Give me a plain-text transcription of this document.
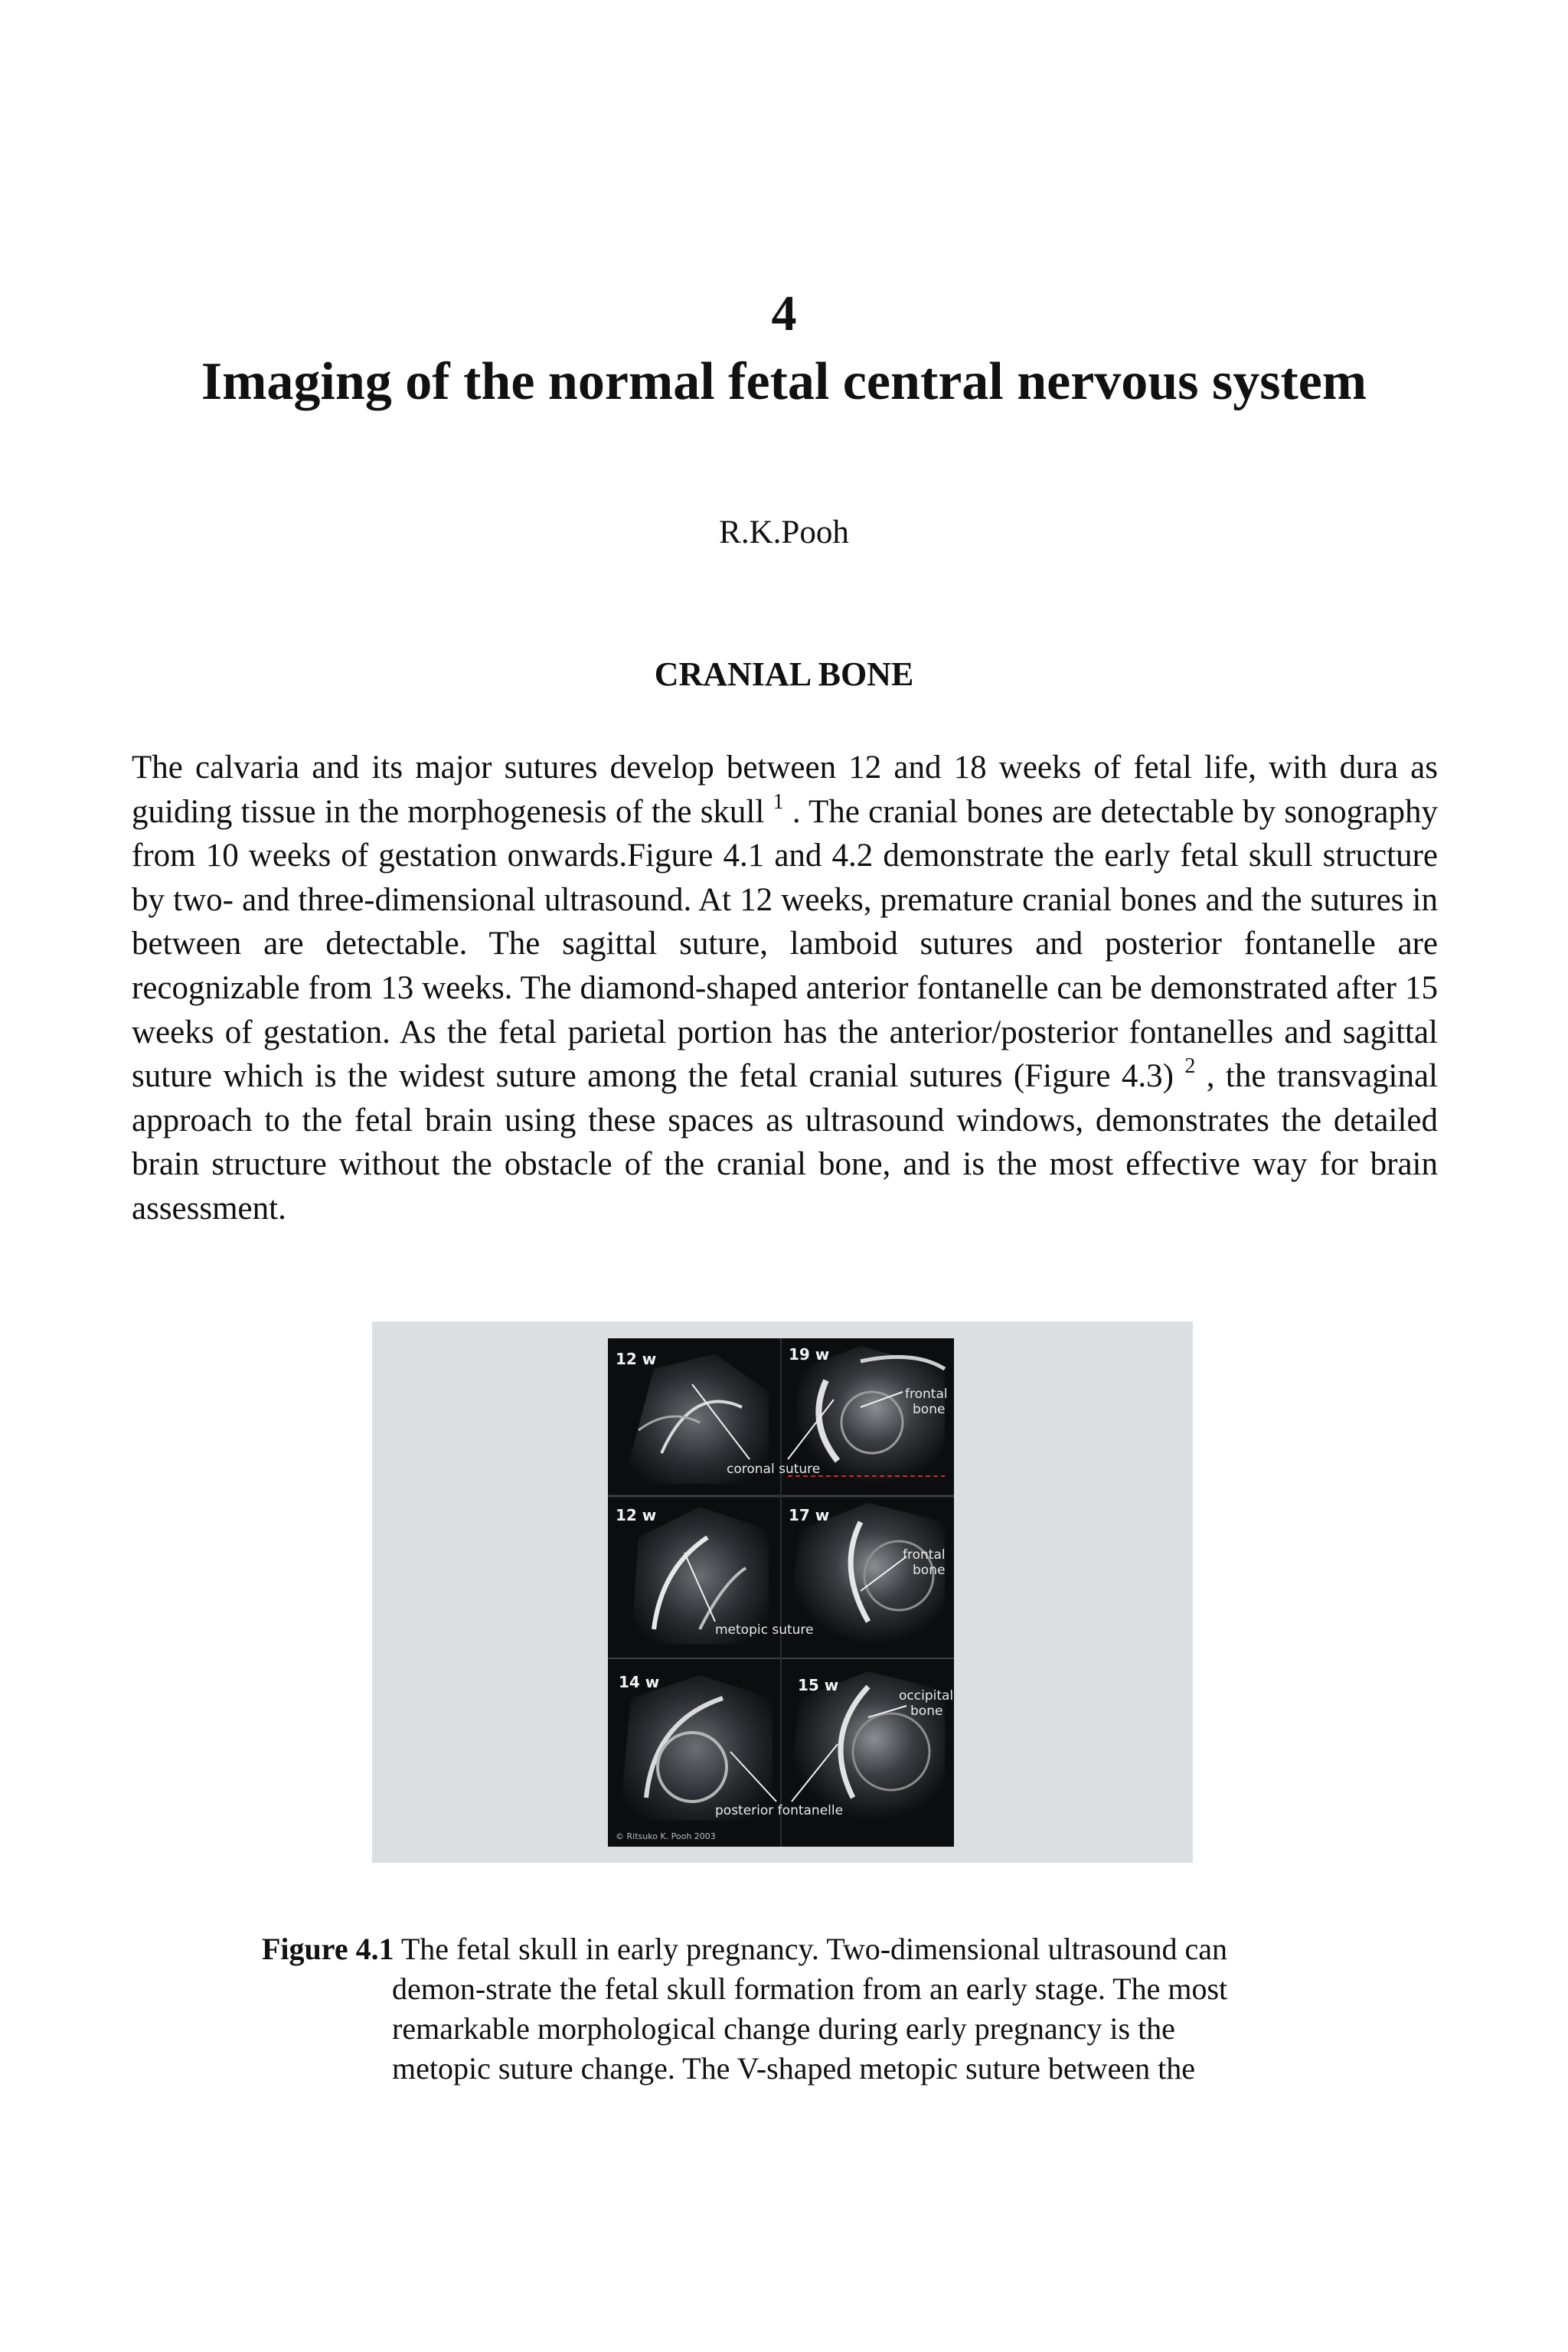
4
Imaging of the normal fetal central nervous system
R.K.Pooh
CRANIAL BONE

The calvaria and its major sutures develop between 12 and 18 weeks of fetal life, with dura as guiding tissue in the morphogenesis of the skull $^1$ . The cranial bones are detectable by sonography from 10 weeks of gestation onwards.Figure 4.1 and 4.2 demonstrate the early fetal skull structure by two- and three-dimensional ultrasound. At 12 weeks, premature cranial bones and the sutures in between are detectable. The sagittal suture, lamboid sutures and posterior fontanelle are recognizable from 13 weeks. The diamond-shaped anterior fontanelle can be demonstrated after 15 weeks of gestation. As the fetal parietal portion has the anterior/posterior fontanelles and sagittal suture which is the widest suture among the fetal cranial sutures (Figure 4.3) $^2$ , the transvaginal approach to the fetal brain using these spaces as ultrasound windows, demonstrates the detailed brain structure without the obstacle of the cranial bone, and is the most effective way for brain assessment.

12 w	19 w
12 w	17 w
14 w	15 w
frontal
bone
coronal suture
frontal
bone
metopic suture
occipital
bone
posterior fontanelle
© Ritsuko K. Pooh 2003
Figure 4.1 The fetal skull in early pregnancy. Two-dimensional ultrasound can
demon-strate the fetal skull formation from an early stage. The most
remarkable morphological change during early pregnancy is the
metopic suture change. The V-shaped metopic suture between the
